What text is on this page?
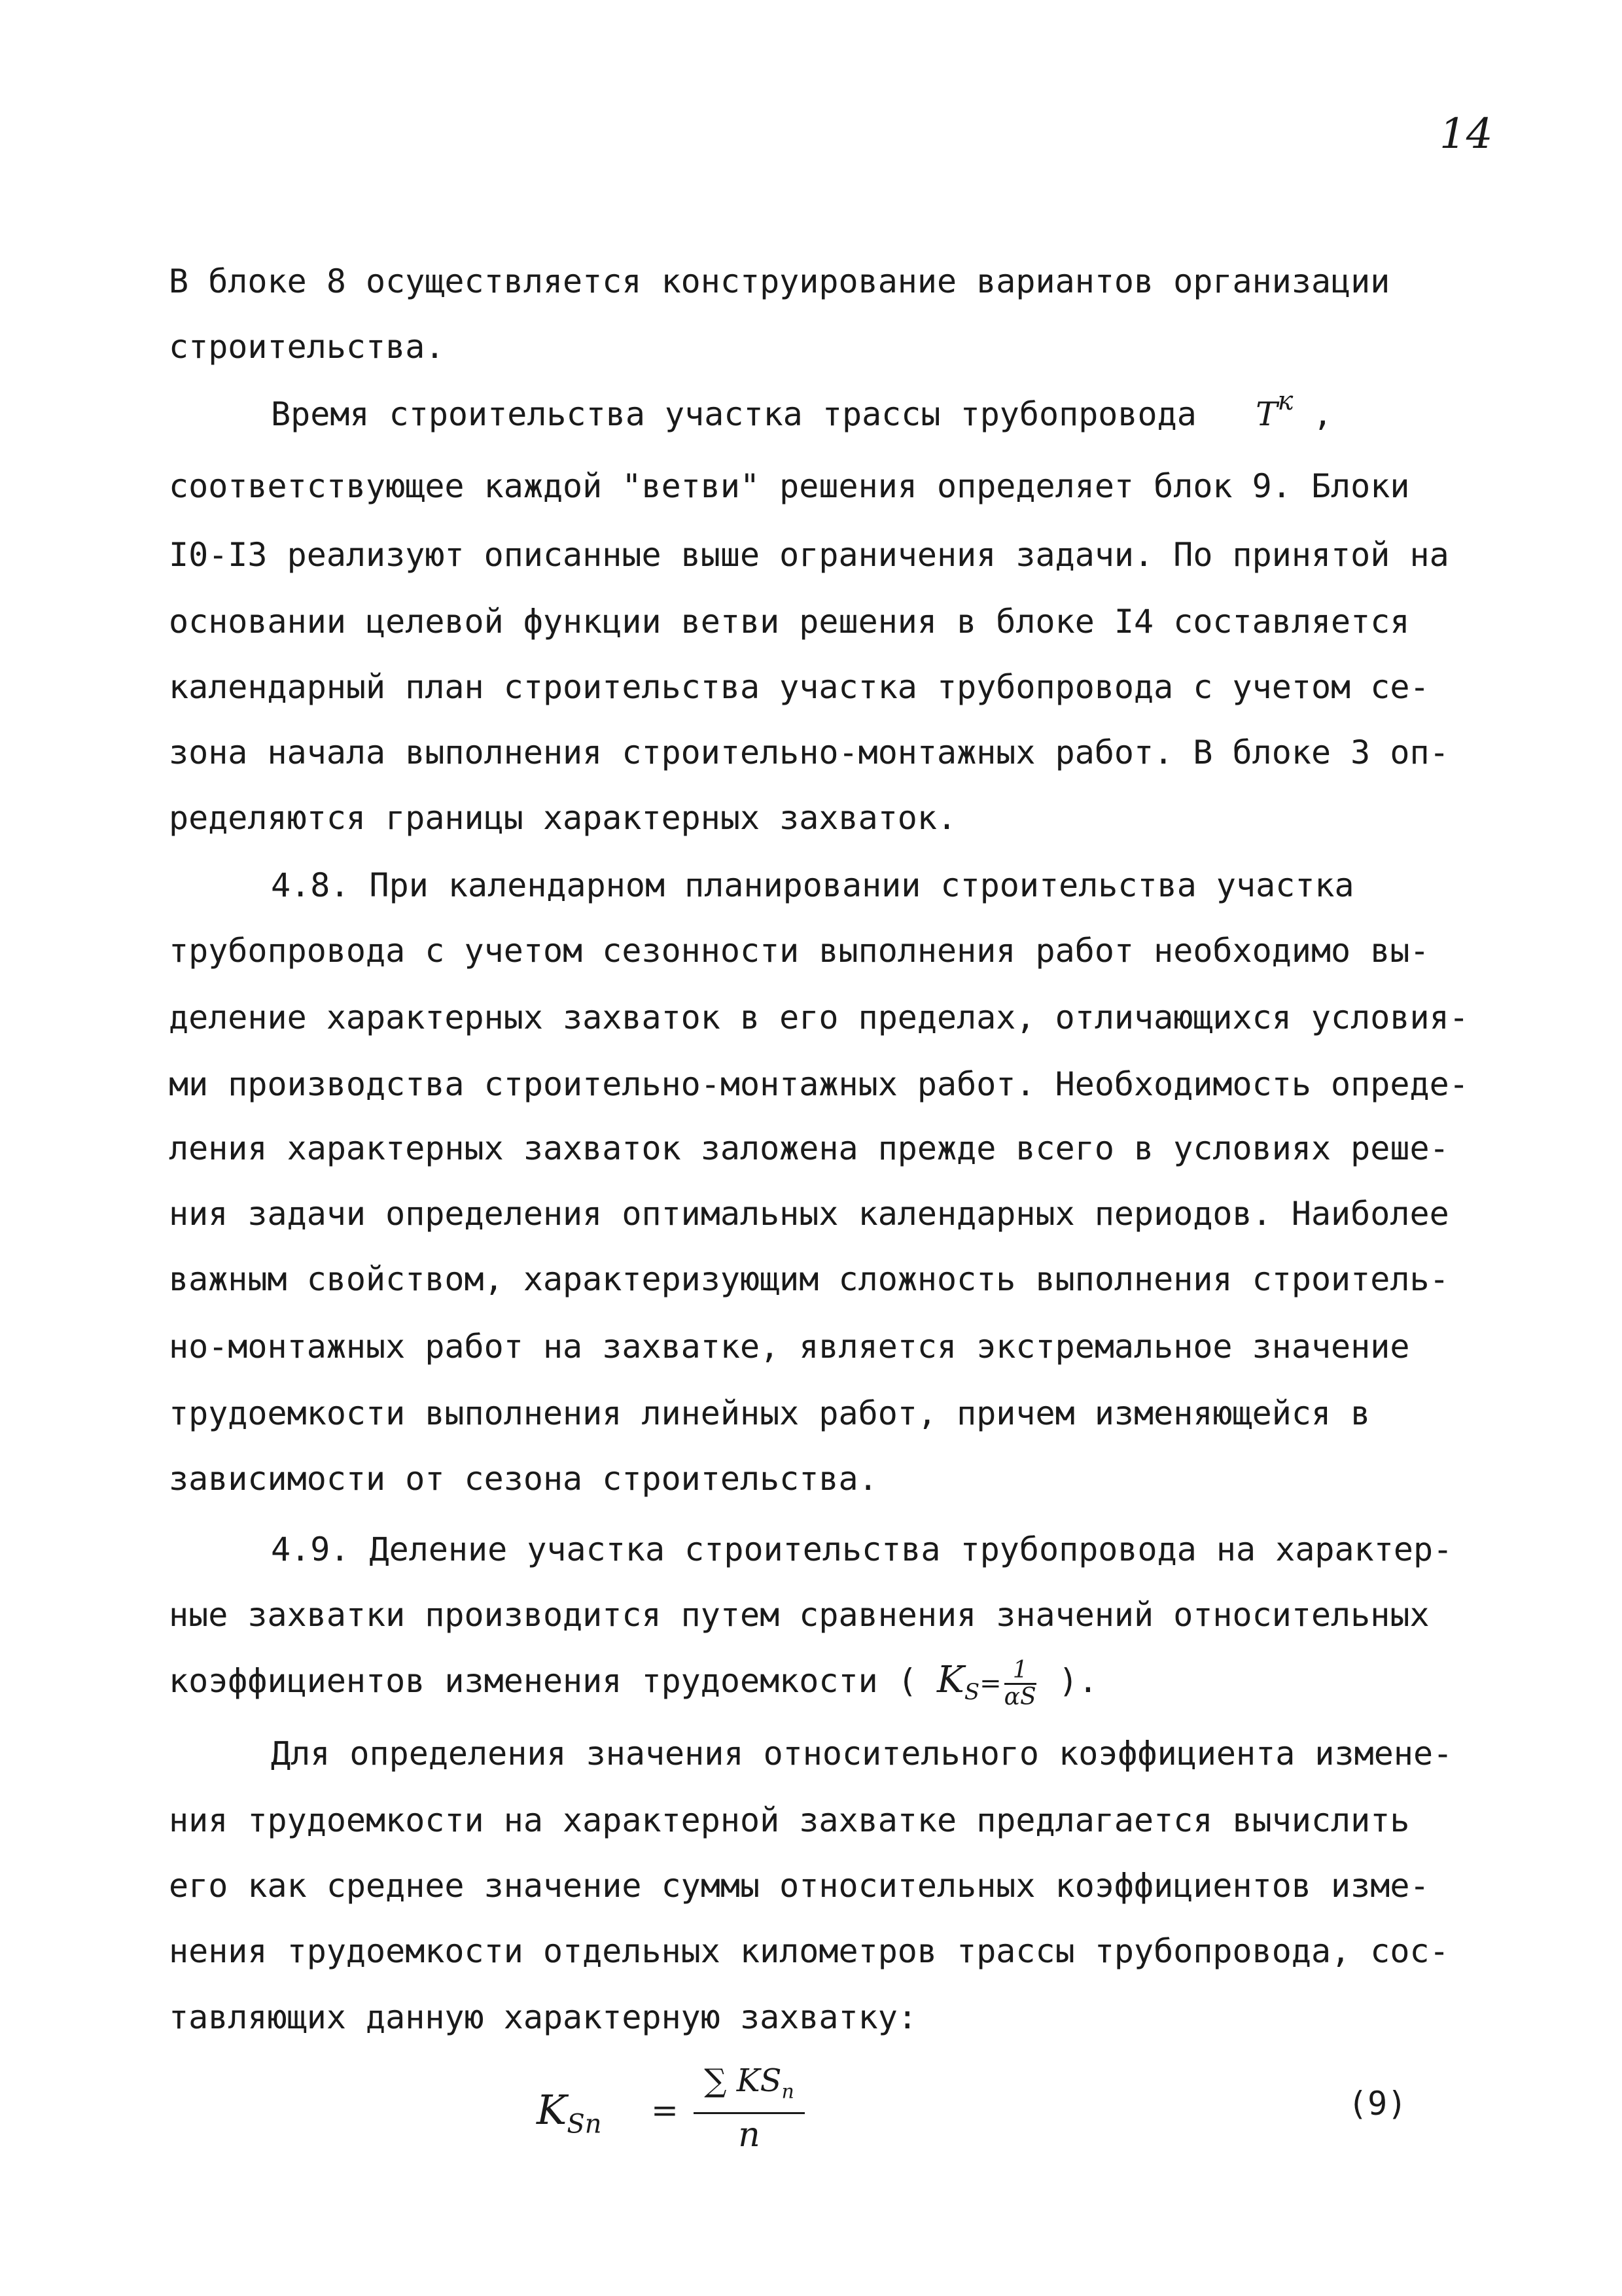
14
В блоке 8 осуществляется конструирование вариантов организации
строительства.
Время строительства участка трассы трубопровода $T^к$ ,
соответствующее каждой "ветви" решения определяет блок 9. Блоки
I0-I3 реализуют описанные выше ограничения задачи. По принятой на
основании целевой функции ветви решения в блоке I4 составляется
календарный план строительства участка трубопровода с учетом се-
зона начала выполнения строительно-монтажных работ. В блоке 3 оп-
ределяются границы характерных захваток.
4.8. При календарном планировании строительства участка
трубопровода с учетом сезонности выполнения работ необходимо вы-
деление характерных захваток в его пределах, отличающихся условия-
ми производства строительно-монтажных работ. Необходимость опреде-
ления характерных захваток заложена прежде всего в условиях реше-
ния задачи определения оптимальных календарных периодов. Наиболее
важным свойством, характеризующим сложность выполнения строитель-
но-монтажных работ на захватке, является экстремальное значение
трудоемкости выполнения линейных работ, причем изменяющейся в
зависимости от сезона строительства.
4.9. Деление участка строительства трубопровода на характер-
ные захватки производится путем сравнения значений относительных
коэффициентов изменения трудоемкости ( $K_S= \frac{1}{\alpha S}$ ).
Для определения значения относительного коэффициента измене-
ния трудоемкости на характерной захватке предлагается вычислить
его как среднее значение суммы относительных коэффициентов изме-
нения трудоемкости отдельных километров трассы трубопровода, сос-
тавляющих данную характерную захватку:
$K_{Sn}$ =
∑ $KS_n$
n
(9)
